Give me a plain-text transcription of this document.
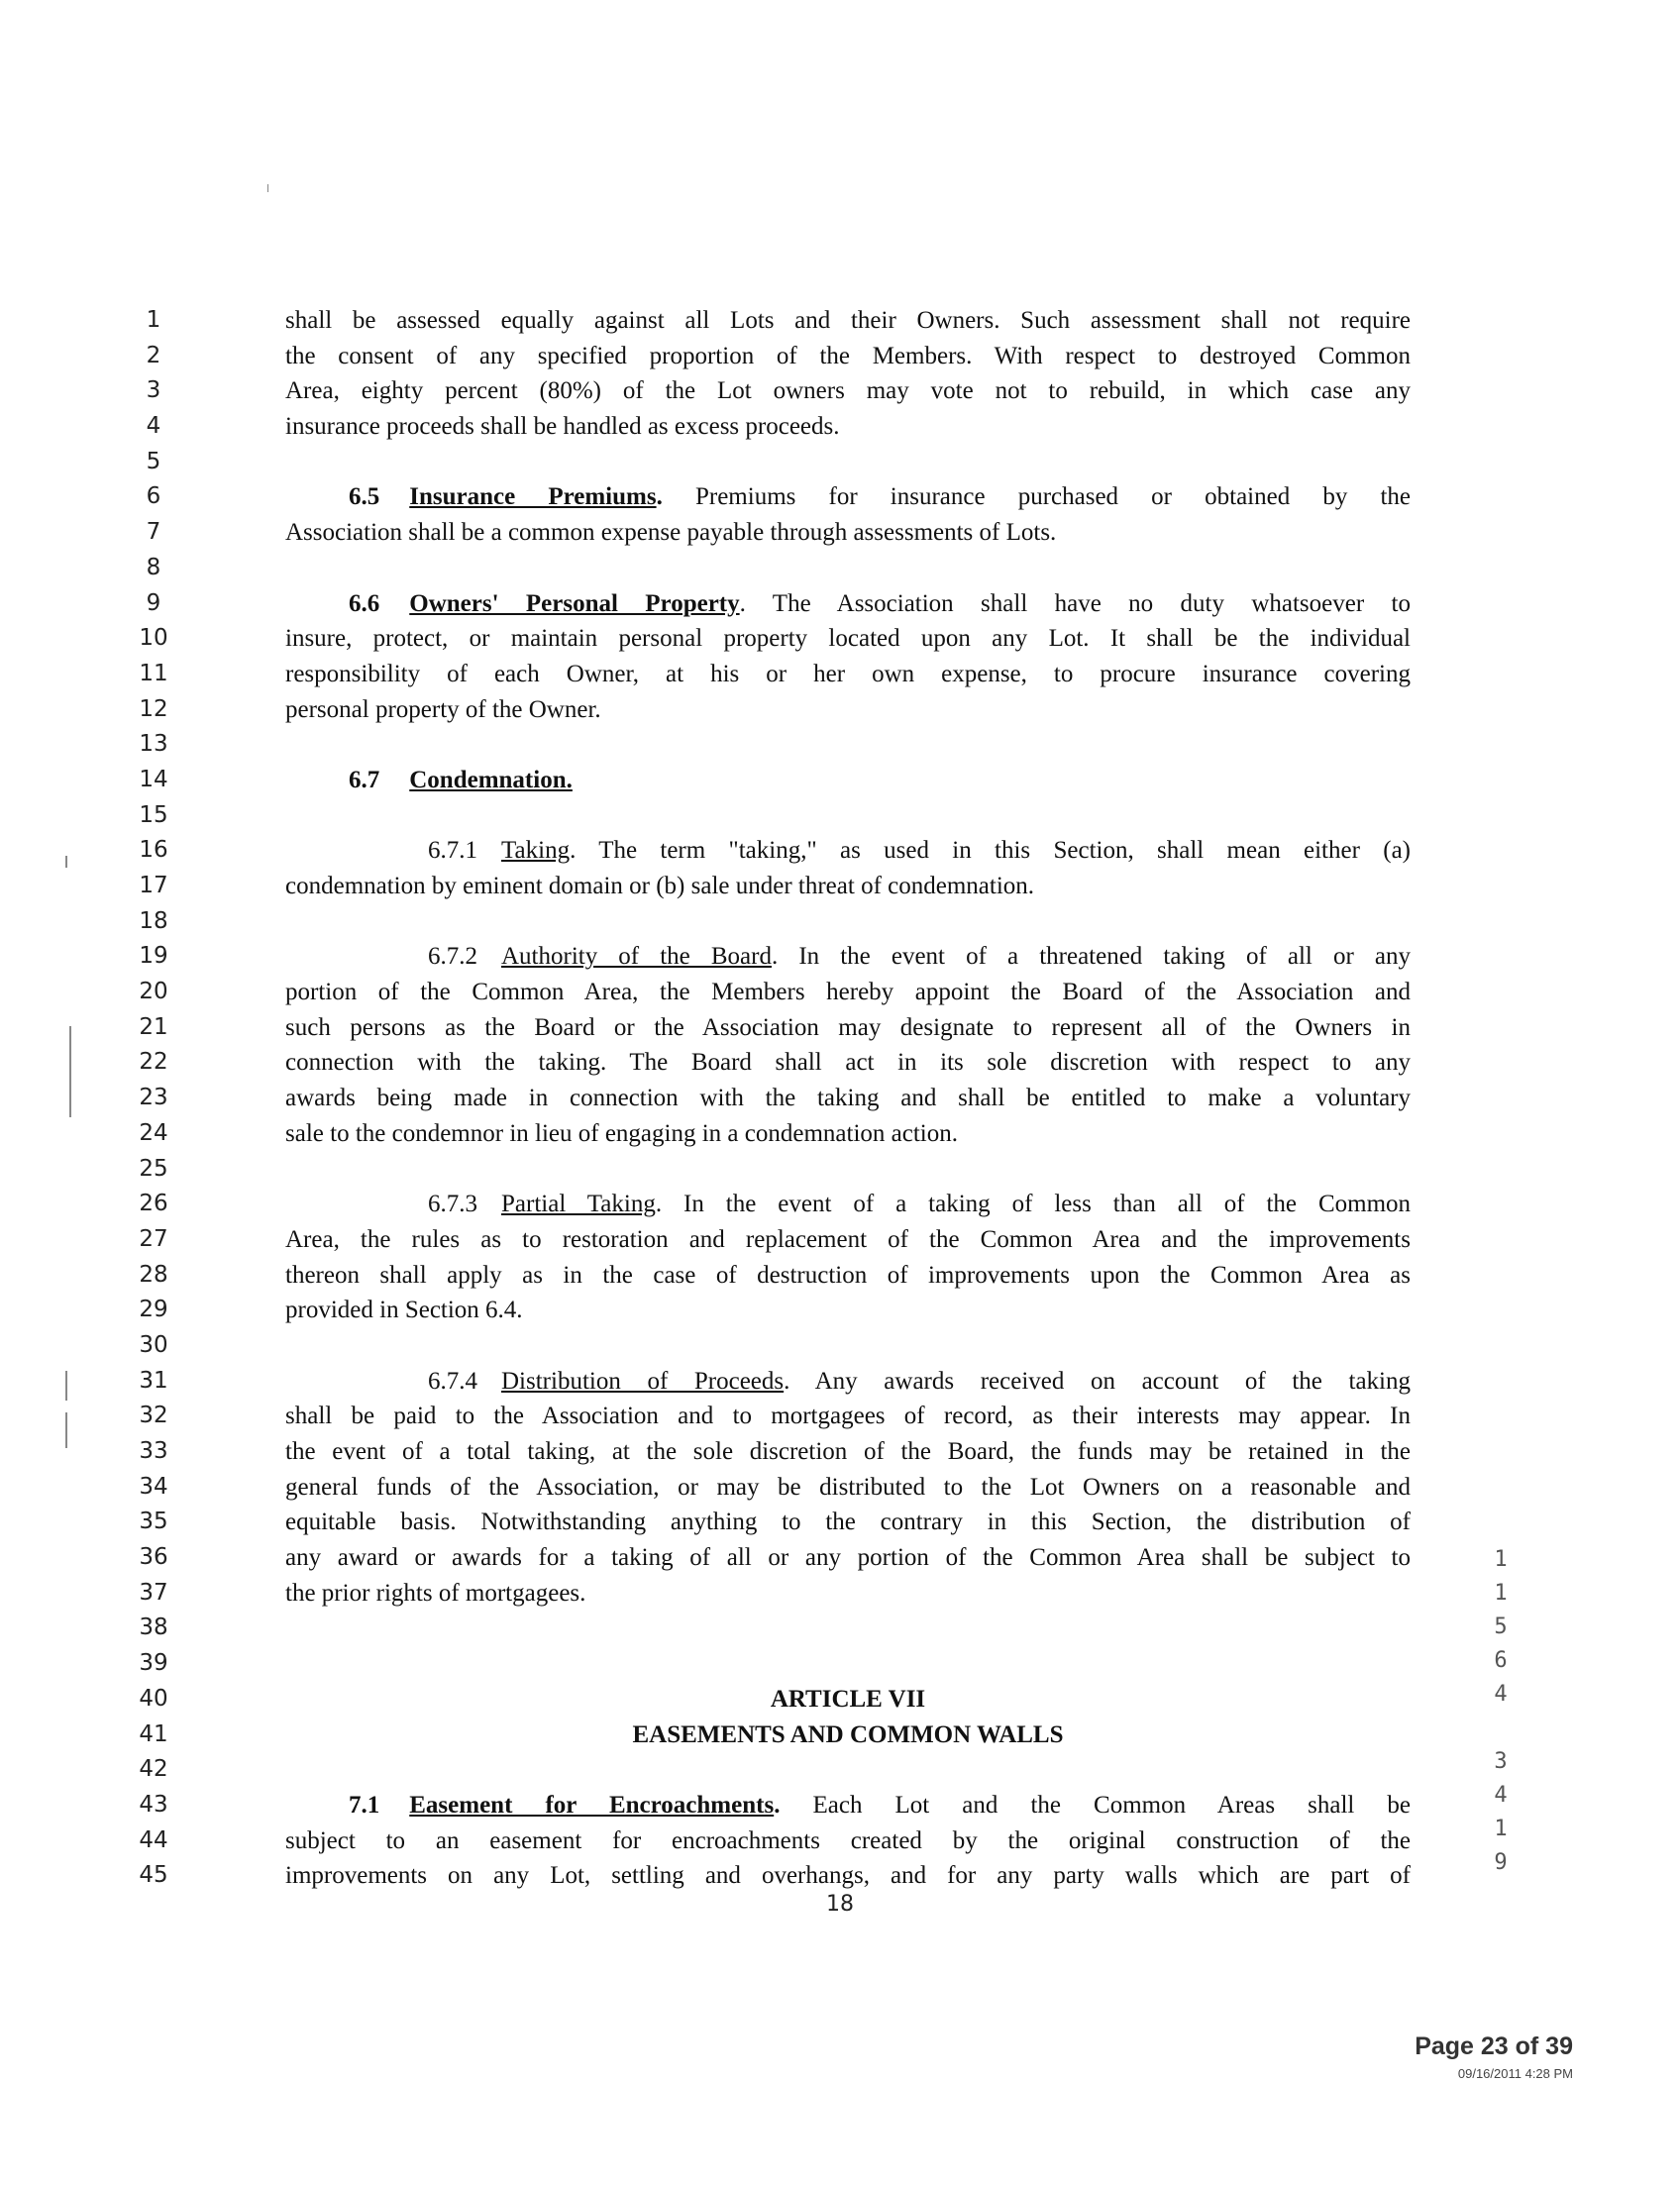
1
2
3
4
5
6
7
8
9
10
11
12
13
14
15
16
17
18
19
20
21
22
23
24
25
26
27
28
29
30
31
32
33
34
35
36
37
38
39
40
41
42
43
44
45
shall be assessed equally against all Lots and their Owners. Such assessment shall not require
the consent of any specified proportion of the Members. With respect to destroyed Common
Area, eighty percent (80%) of the Lot owners may vote not to rebuild, in which case any
insurance proceeds shall be handled as excess proceeds.
6.5 Insurance Premiums. Premiums for insurance purchased or obtained by the
Association shall be a common expense payable through assessments of Lots.
6.6 Owners' Personal Property. The Association shall have no duty whatsoever to
insure, protect, or maintain personal property located upon any Lot. It shall be the individual
responsibility of each Owner, at his or her own expense, to procure insurance covering
personal property of the Owner.
6.7 Condemnation.
6.7.1 Taking. The term "taking," as used in this Section, shall mean either (a)
condemnation by eminent domain or (b) sale under threat of condemnation.
6.7.2 Authority of the Board. In the event of a threatened taking of all or any
portion of the Common Area, the Members hereby appoint the Board of the Association and
such persons as the Board or the Association may designate to represent all of the Owners in
connection with the taking. The Board shall act in its sole discretion with respect to any
awards being made in connection with the taking and shall be entitled to make a voluntary
sale to the condemnor in lieu of engaging in a condemnation action.
6.7.3 Partial Taking. In the event of a taking of less than all of the Common
Area, the rules as to restoration and replacement of the Common Area and the improvements
thereon shall apply as in the case of destruction of improvements upon the Common Area as
provided in Section 6.4.
6.7.4 Distribution of Proceeds. Any awards received on account of the taking
shall be paid to the Association and to mortgagees of record, as their interests may appear. In
the event of a total taking, at the sole discretion of the Board, the funds may be retained in the
general funds of the Association, or may be distributed to the Lot Owners on a reasonable and
equitable basis. Notwithstanding anything to the contrary in this Section, the distribution of
any award or awards for a taking of all or any portion of the Common Area shall be subject to
the prior rights of mortgagees.
ARTICLE VII
EASEMENTS AND COMMON WALLS
7.1 Easement for Encroachments. Each Lot and the Common Areas shall be
subject to an easement for encroachments created by the original construction of the
improvements on any Lot, settling and overhangs, and for any party walls which are part of
18
1
1
5
6
4
3
4
1
9
Page 23 of 39
09/16/2011 4:28 PM
